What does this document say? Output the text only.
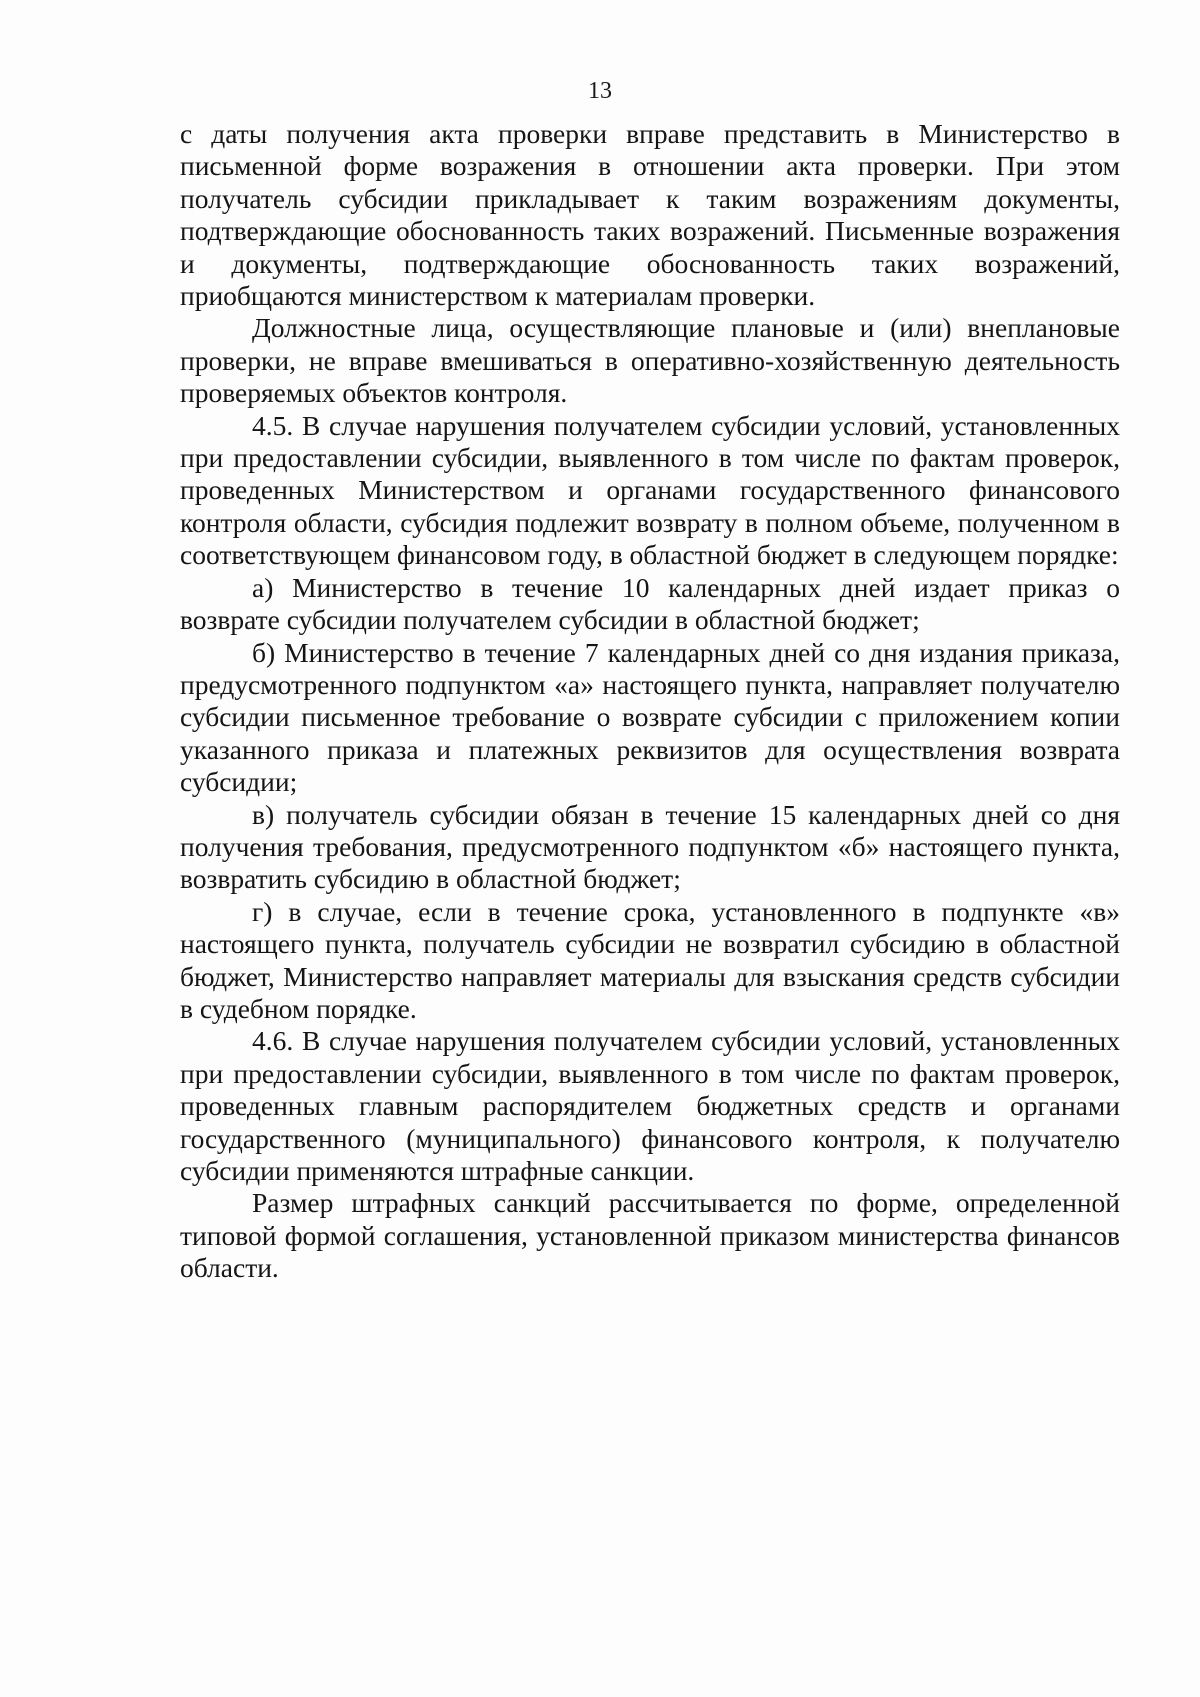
13

с даты получения акта проверки вправе представить в Министерство в письменной форме возражения в отношении акта проверки. При этом получатель субсидии прикладывает к таким возражениям документы, подтверждающие обоснованность таких возражений. Письменные возражения и документы, подтверждающие обоснованность таких возражений, приобщаются министерством к материалам проверки.

Должностные лица, осуществляющие плановые и (или) внеплановые проверки, не вправе вмешиваться в оперативно-хозяйственную деятельность проверяемых объектов контроля.

4.5. В случае нарушения получателем субсидии условий, установленных при предоставлении субсидии, выявленного в том числе по фактам проверок, проведенных Министерством и органами государственного финансового контроля области, субсидия подлежит возврату в полном объеме, полученном в соответствующем финансовом году, в областной бюджет в следующем порядке:

а) Министерство в течение 10 календарных дней издает приказ о возврате субсидии получателем субсидии в областной бюджет;

б) Министерство в течение 7 календарных дней со дня издания приказа, предусмотренного подпунктом «а» настоящего пункта, направляет получателю субсидии письменное требование о возврате субсидии с приложением копии указанного приказа и платежных реквизитов для осуществления возврата субсидии;

в) получатель субсидии обязан в течение 15 календарных дней со дня получения требования, предусмотренного подпунктом «б» настоящего пункта, возвратить субсидию в областной бюджет;

г) в случае, если в течение срока, установленного в подпункте «в» настоящего пункта, получатель субсидии не возвратил субсидию в областной бюджет, Министерство направляет материалы для взыскания средств субсидии в судебном порядке.

4.6. В случае нарушения получателем субсидии условий, установленных при предоставлении субсидии, выявленного в том числе по фактам проверок, проведенных главным распорядителем бюджетных средств и органами государственного (муниципального) финансового контроля, к получателю субсидии применяются штрафные санкции.

Размер штрафных санкций рассчитывается по форме, определенной типовой формой соглашения, установленной приказом министерства финансов области.
